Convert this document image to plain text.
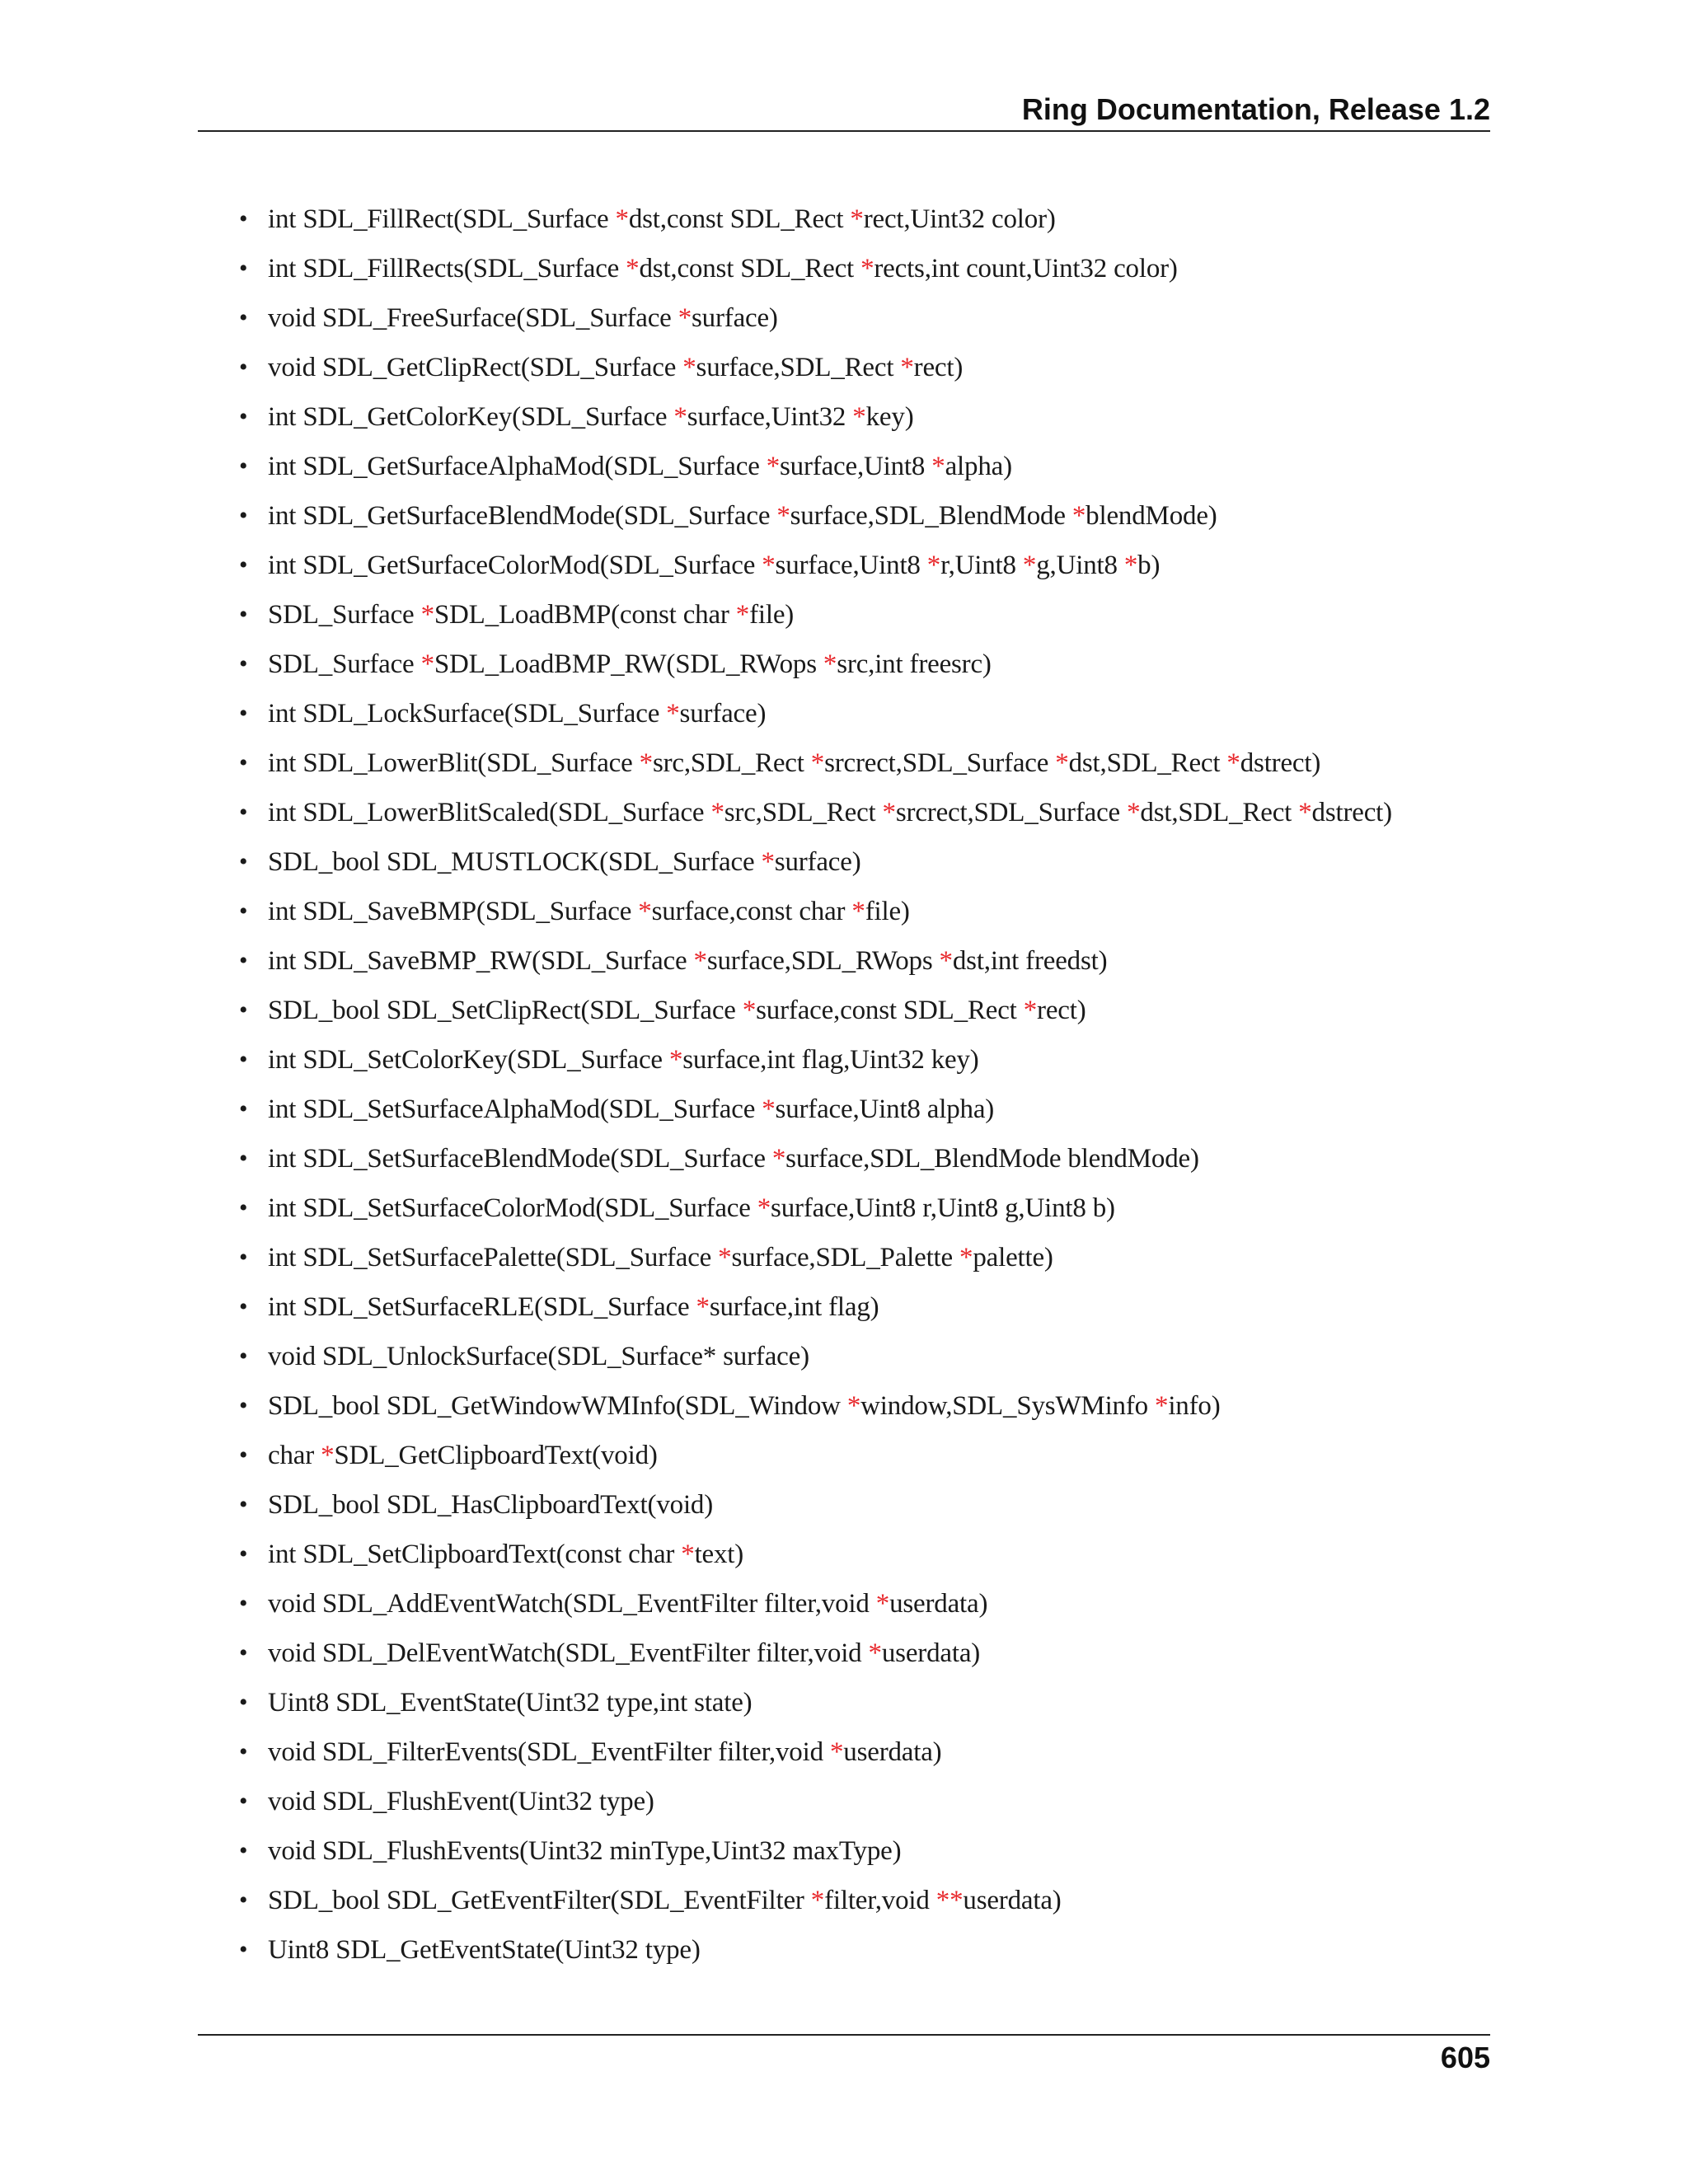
Ring Documentation, Release 1.2
• int SDL_FillRect(SDL_Surface *dst,const SDL_Rect *rect,Uint32 color)
• int SDL_FillRects(SDL_Surface *dst,const SDL_Rect *rects,int count,Uint32 color)
• void SDL_FreeSurface(SDL_Surface *surface)
• void SDL_GetClipRect(SDL_Surface *surface,SDL_Rect *rect)
• int SDL_GetColorKey(SDL_Surface *surface,Uint32 *key)
• int SDL_GetSurfaceAlphaMod(SDL_Surface *surface,Uint8 *alpha)
• int SDL_GetSurfaceBlendMode(SDL_Surface *surface,SDL_BlendMode *blendMode)
• int SDL_GetSurfaceColorMod(SDL_Surface *surface,Uint8 *r,Uint8 *g,Uint8 *b)
• SDL_Surface *SDL_LoadBMP(const char *file)
• SDL_Surface *SDL_LoadBMP_RW(SDL_RWops *src,int freesrc)
• int SDL_LockSurface(SDL_Surface *surface)
• int SDL_LowerBlit(SDL_Surface *src,SDL_Rect *srcrect,SDL_Surface *dst,SDL_Rect *dstrect)
• int SDL_LowerBlitScaled(SDL_Surface *src,SDL_Rect *srcrect,SDL_Surface *dst,SDL_Rect *dstrect)
• SDL_bool SDL_MUSTLOCK(SDL_Surface *surface)
• int SDL_SaveBMP(SDL_Surface *surface,const char *file)
• int SDL_SaveBMP_RW(SDL_Surface *surface,SDL_RWops *dst,int freedst)
• SDL_bool SDL_SetClipRect(SDL_Surface *surface,const SDL_Rect *rect)
• int SDL_SetColorKey(SDL_Surface *surface,int flag,Uint32 key)
• int SDL_SetSurfaceAlphaMod(SDL_Surface *surface,Uint8 alpha)
• int SDL_SetSurfaceBlendMode(SDL_Surface *surface,SDL_BlendMode blendMode)
• int SDL_SetSurfaceColorMod(SDL_Surface *surface,Uint8 r,Uint8 g,Uint8 b)
• int SDL_SetSurfacePalette(SDL_Surface *surface,SDL_Palette *palette)
• int SDL_SetSurfaceRLE(SDL_Surface *surface,int flag)
• void SDL_UnlockSurface(SDL_Surface* surface)
• SDL_bool SDL_GetWindowWMInfo(SDL_Window *window,SDL_SysWMinfo *info)
• char *SDL_GetClipboardText(void)
• SDL_bool SDL_HasClipboardText(void)
• int SDL_SetClipboardText(const char *text)
• void SDL_AddEventWatch(SDL_EventFilter filter,void *userdata)
• void SDL_DelEventWatch(SDL_EventFilter filter,void *userdata)
• Uint8 SDL_EventState(Uint32 type,int state)
• void SDL_FilterEvents(SDL_EventFilter filter,void *userdata)
• void SDL_FlushEvent(Uint32 type)
• void SDL_FlushEvents(Uint32 minType,Uint32 maxType)
• SDL_bool SDL_GetEventFilter(SDL_EventFilter *filter,void **userdata)
• Uint8 SDL_GetEventState(Uint32 type)
605
